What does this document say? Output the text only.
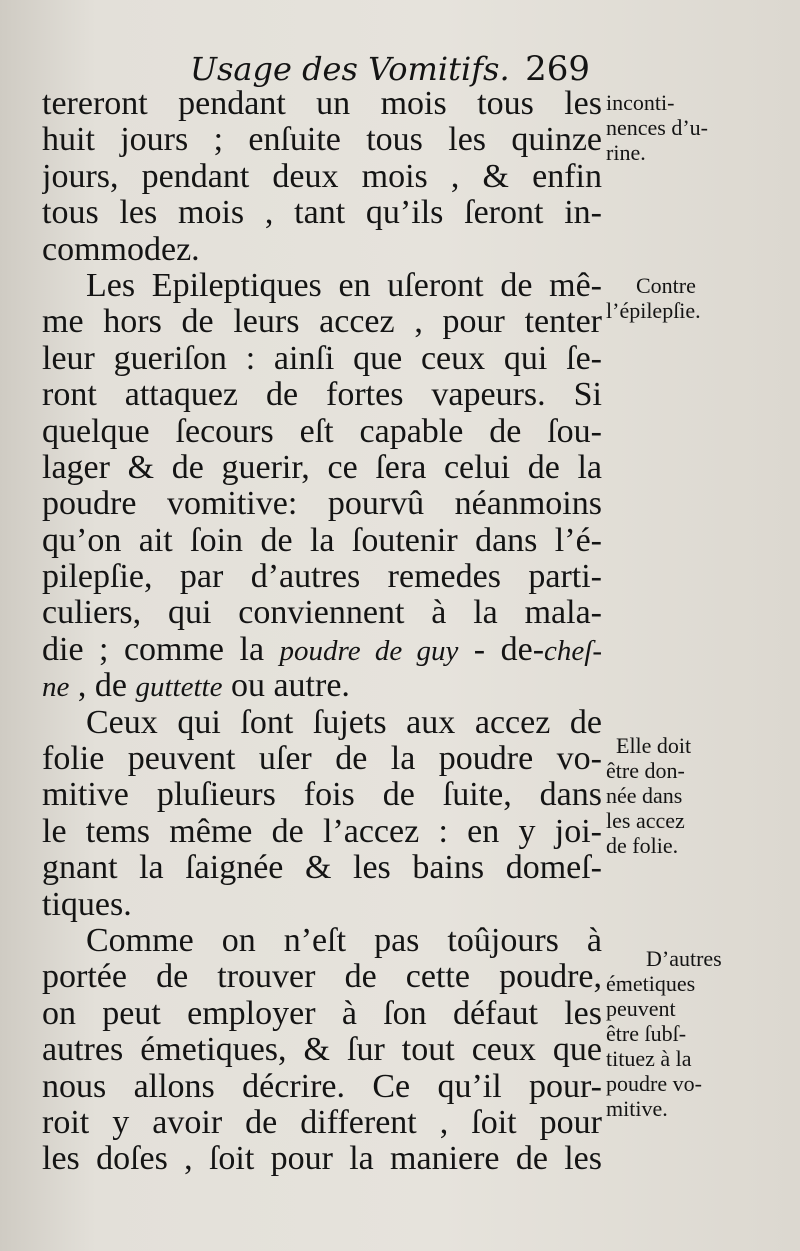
Usage des Vomitifs. 269
tereront pendant un mois tous les
huit jours ; enſuite tous les quinze
jours, pendant deux mois , & enfin
tous les mois , tant qu’ils ſeront in-
commodez.
Les Epileptiques en uſeront de mê-
me hors de leurs accez , pour tenter
leur gueriſon : ainſi que ceux qui ſe-
ront attaquez de fortes vapeurs. Si
quelque ſecours eſt capable de ſou-
lager & de guerir, ce ſera celui de la
poudre vomitive: pourvû néanmoins
qu’on ait ſoin de la ſoutenir dans l’é-
pilepſie, par d’autres remedes parti-
culiers, qui conviennent à la mala-
die ; comme la poudre de guy - de-cheſ-
ne , de guttette ou autre.
Ceux qui ſont ſujets aux accez de
folie peuvent uſer de la poudre vo-
mitive pluſieurs fois de ſuite, dans
le tems même de l’accez : en y joi-
gnant la ſaignée & les bains domeſ-
tiques.
Comme on n’eſt pas toûjours à
portée de trouver de cette poudre,
on peut employer à ſon défaut les
autres émetiques, & ſur tout ceux que
nous allons décrire. Ce qu’il pour-
roit y avoir de different , ſoit pour
les doſes , ſoit pour la maniere de les
inconti-
nences d’u-
rine.
Contre
l’épilepſie.
Elle doit
être don-
née dans
les accez
de folie.
D’autres
émetiques
peuvent
être ſubſ-
tituez à la
poudre vo-
mitive.
